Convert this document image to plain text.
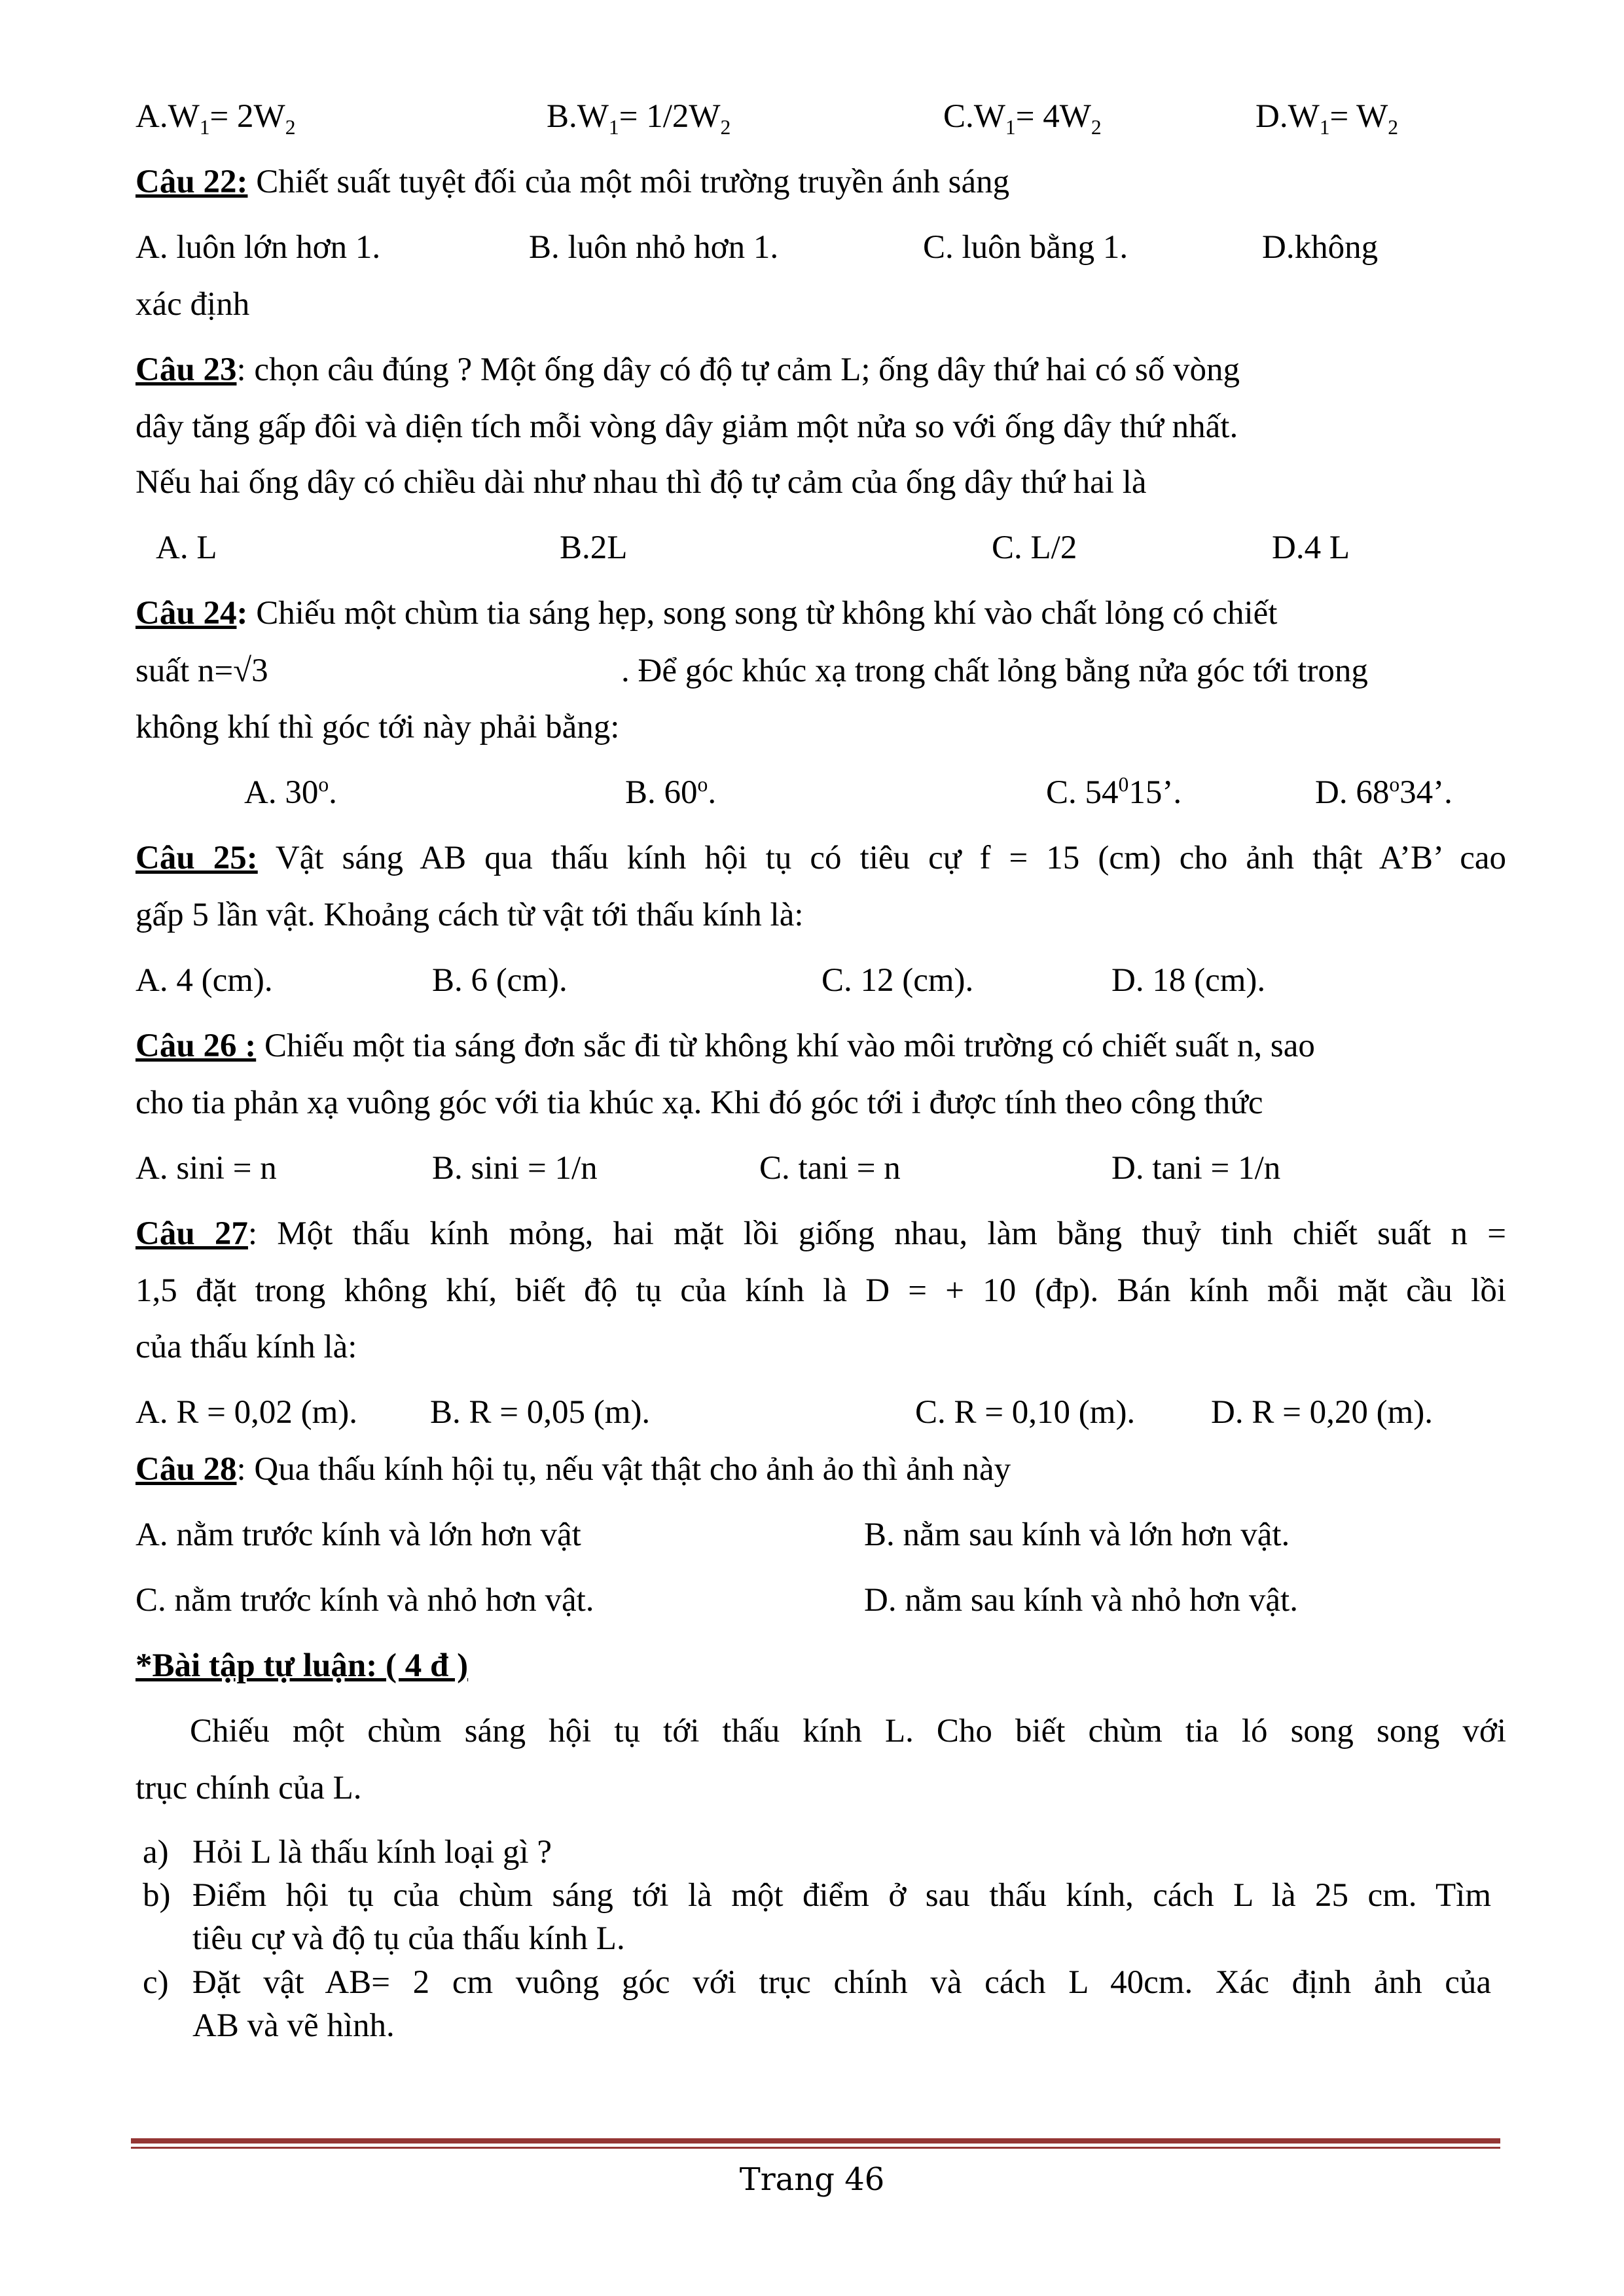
$A.W_1= 2W_2$	$B.W_1= 1/2W_2$	$C.W_1= 4W_2$	$D.W_1= W_2$
Câu 22: Chiết suất tuyệt đối của một môi trường truyền ánh sáng
A. luôn lớn hơn 1.	B. luôn nhỏ hơn 1.	C. luôn bằng 1.	D.không
xác định
Câu 23: chọn câu đúng ? Một ống dây có độ tự cảm L; ống dây thứ hai có số vòng
dây tăng gấp đôi và diện tích mỗi vòng dây giảm một nửa so với ống dây thứ nhất.
Nếu hai ống dây có chiều dài như nhau thì độ tự cảm của ống dây thứ hai là
A. L	B.2L	C. L/2	D.4 L
Câu 24: Chiếu một chùm tia sáng hẹp, song song từ không khí vào chất lỏng có chiết
suất n=√3	. Để góc khúc xạ trong chất lỏng bằng nửa góc tới trong
không khí thì góc tới này phải bằng:
A. 30$^o$.	B. 60$^o$.	C. $54^015$’.	D. 68$^o$34’.
Câu 25: Vật sáng AB qua thấu kính hội tụ có tiêu cự f = 15 (cm) cho ảnh thật A’B’ cao
gấp 5 lần vật. Khoảng cách từ vật tới thấu kính là:
A. 4 (cm).	B. 6 (cm).	C. 12 (cm).	D. 18 (cm).
Câu 26 : Chiếu một tia sáng đơn sắc đi từ không khí vào môi trường có chiết suất n, sao
cho tia phản xạ vuông góc với tia khúc xạ. Khi đó góc tới i được tính theo công thức
A. sini = n	B. sini = 1/n	C. tani = n	D. tani = 1/n
Câu 27: Một thấu kính mỏng, hai mặt lồi giống nhau, làm bằng thuỷ tinh chiết suất n =
1,5 đặt trong không khí, biết độ tụ của kính là D = + 10 (đp). Bán kính mỗi mặt cầu lồi
của thấu kính là:
A. R = 0,02 (m). B. R = 0,05 (m).	C. R = 0,10 (m). D. R = 0,20 (m).
Câu 28: Qua thấu kính hội tụ, nếu vật thật cho ảnh ảo thì ảnh này
A. nằm trước kính và lớn hơn vật	B. nằm sau kính và lớn hơn vật.
C. nằm trước kính và nhỏ hơn vật.	D. nằm sau kính và nhỏ hơn vật.
*Bài tập tự luận: ( 4 đ )
Chiếu một chùm sáng hội tụ tới thấu kính L. Cho biết chùm tia ló song song với
trục chính của L.
a) Hỏi L là thấu kính loại gì ?
b) Điểm hội tụ của chùm sáng tới là một điểm ở sau thấu kính, cách L là 25 cm. Tìm
tiêu cự và độ tụ của thấu kính L.
c) Đặt vật AB= 2 cm vuông góc với trục chính và cách L 40cm. Xác định ảnh của
AB và vẽ hình.
Trang 46
